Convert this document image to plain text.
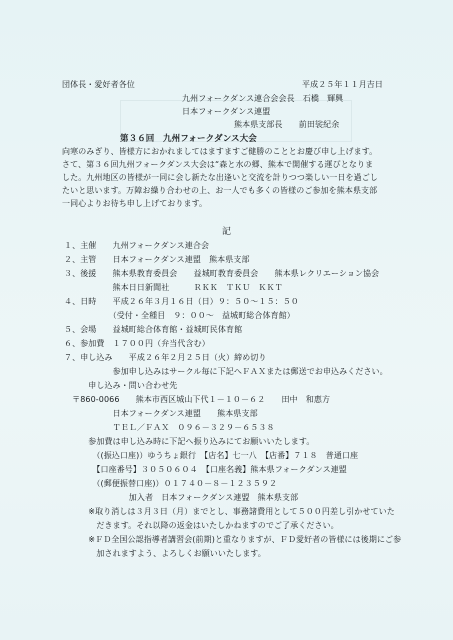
団体長・愛好者各位	平成２５年１１月吉日
九州フォークダンス連合会会長　石橋　輝興
日本フォークダンス連盟
熊本県支部長　　前田裟紀余
第３６回　九州フォークダンス大会
向寒のみぎり、皆様方におかれましてはますますご健勝のこととお慶び申し上げます。
さて、第３６回九州フォークダンス大会は“森と水の郷、熊本で開催する運びとなりま
した。九州地区の皆様が一同に会し新たな出逢いと交流を計りつつ楽しい一日を過ごし
たいと思います。万障お繰り合わせの上、お一人でも多くの皆様のご参加を熊本県支部
一同心よりお待ち申し上げております。
記
１、主催　　九州フォークダンス連合会
２、主管　　日本フォークダンス連盟　熊本県支部
３、後援　　熊本県教育委員会　　益城町教育委員会　　熊本県レクリエーション協会
　　　　　　熊本日日新聞社　　　ＲＫＫ　ＴＫＵ　ＫＫＴ
４、日時　　平成２６年３月１６日（日）９：５０～１５：５０
　　　　　　（受付・全種目　９：００～　益城町総合体育館）
５、会場　　益城町総合体育館・益城町民体育館
６、参加費　１７００円（弁当代含む）
７、申し込み　　平成２６年２月２５日（火）締め切り
　　　　　　参加申し込みはサークル毎に下記へＦＡＸまたは郵送でお申込みください。
　　　申し込み・問い合わせ先
　〒860-0066　　熊本市西区城山下代１－１０－６２　　田中　和惠方
　　　　　　日本フォークダンス連盟　　熊本県支部
　　　　　　ＴＥＬ／ＦＡＸ　０９６－３２９－６５３８
　　　参加費は申し込み時に下記へ振り込みにてお願いいたします。
　　　　（(振込口座)）ゆうちょ銀行　【店名】七一八　【店番】７１８　普通口座
　　　　【口座番号】３０５０６０４　【口座名義】熊本県フォークダンス連盟
　　　　（(郵便振替口座)）０１７４０－８－１２３５９２
　　　　　　　　加入者　日本フォークダンス連盟　熊本県支部
　　　※取り消しは３月３日（月）までとし、事務諸費用として５００円差し引かせていた
　　　　だきます。それ以降の返金はいたしかねますのでご了承ください。
　　　※ＦＤ全国公認指導者講習会(前期)と重なりますが、ＦＤ愛好者の皆様には後期にご参
　　　　加されますよう、よろしくお願いいたします。
